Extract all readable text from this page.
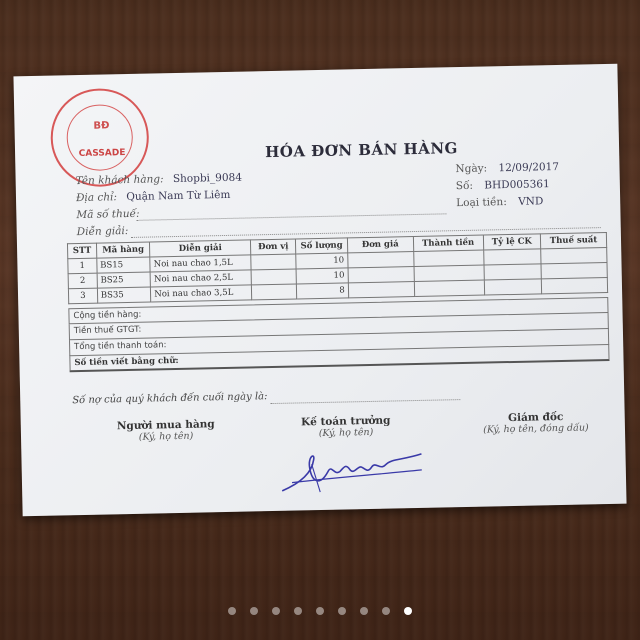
BĐ
CASSADE	HÓA ĐƠN BÁN HÀNG
Tên khách hàng: Shopbi_9084
Địa chỉ: Quận Nam Từ Liêm
Mã số thuế:
Diễn giải:
Ngày: 12/09/2017
Số: BHD005361
Loại tiền: VND
STT	Mã hàng	Diễn giải	Đơn vị	Số lượng	Đơn giá	Thành tiền	Tỷ lệ CK	Thuế suất
1	BS15	Noi nau chao 1,5L		10				
2	BS25	Noi nau chao 2,5L		10				
3	BS35	Noi nau chao 3,5L		8				
Cộng tiền hàng:
Tiền thuế GTGT:
Tổng tiền thanh toán:
Số tiền viết bằng chữ:
Số nợ của quý khách đến cuối ngày là:
Người mua hàng
(Ký, họ tên)
Kế toán trưởng
(Ký, họ tên)
Giám đốc
(Ký, họ tên, đóng dấu)
